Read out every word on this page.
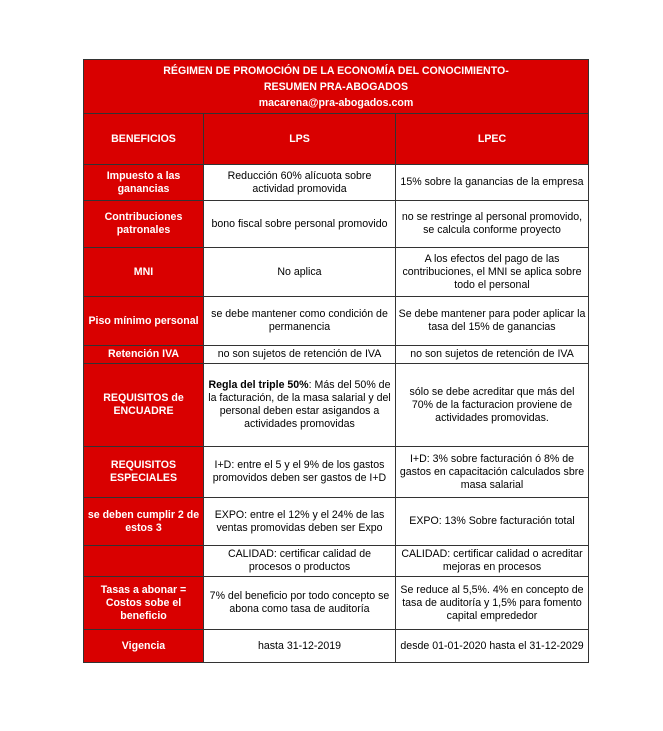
RÉGIMEN DE PROMOCIÓN DE LA ECONOMÍA DEL CONOCIMIENTO-
RESUMEN PRA-ABOGADOS
macarena@pra-abogados.com		

BENEFICIOS	LPS	LPEC
Impuesto a las ganancias	Reducción 60% alícuota sobre actividad promovida	15% sobre la ganancias de la empresa
Contribuciones patronales	bono fiscal sobre personal promovido	no se restringe al personal promovido, se calcula conforme proyecto
MNI	No aplica	A los efectos del pago de las contribuciones, el MNI se aplica sobre todo el personal
Piso mínimo personal	se debe mantener como condición de permanencia	Se debe mantener para poder aplicar la tasa del 15% de ganancias
Retención IVA	no son sujetos de retención de IVA	no son sujetos de retención de IVA
REQUISITOS de ENCUADRE	Regla del triple 50%: Más del 50% de la facturación, de la masa salarial y del personal deben estar asigandos a actividades promovidas	sólo se debe acreditar que más del 70% de la facturacion proviene de actividades promovidas.
REQUISITOS ESPECIALES	I+D: entre el 5 y el 9% de los gastos promovidos deben ser gastos de I+D	I+D: 3% sobre facturación ó 8% de gastos en capacitación calculados sbre masa salarial
se deben cumplir 2 de estos 3	EXPO: entre el 12% y el 24% de las ventas promovidas deben ser Expo	EXPO: 13% Sobre facturación total
	CALIDAD: certificar calidad de procesos o productos	CALIDAD: certificar calidad o acreditar mejoras en procesos
Tasas a abonar = Costos sobe el beneficio	7% del beneficio por todo concepto se abona como tasa de auditoría	Se reduce al 5,5%. 4% en concepto de tasa de auditoría y 1,5% para fomento capital emprededor
Vigencia	hasta 31-12-2019	desde 01-01-2020 hasta el 31-12-2029
